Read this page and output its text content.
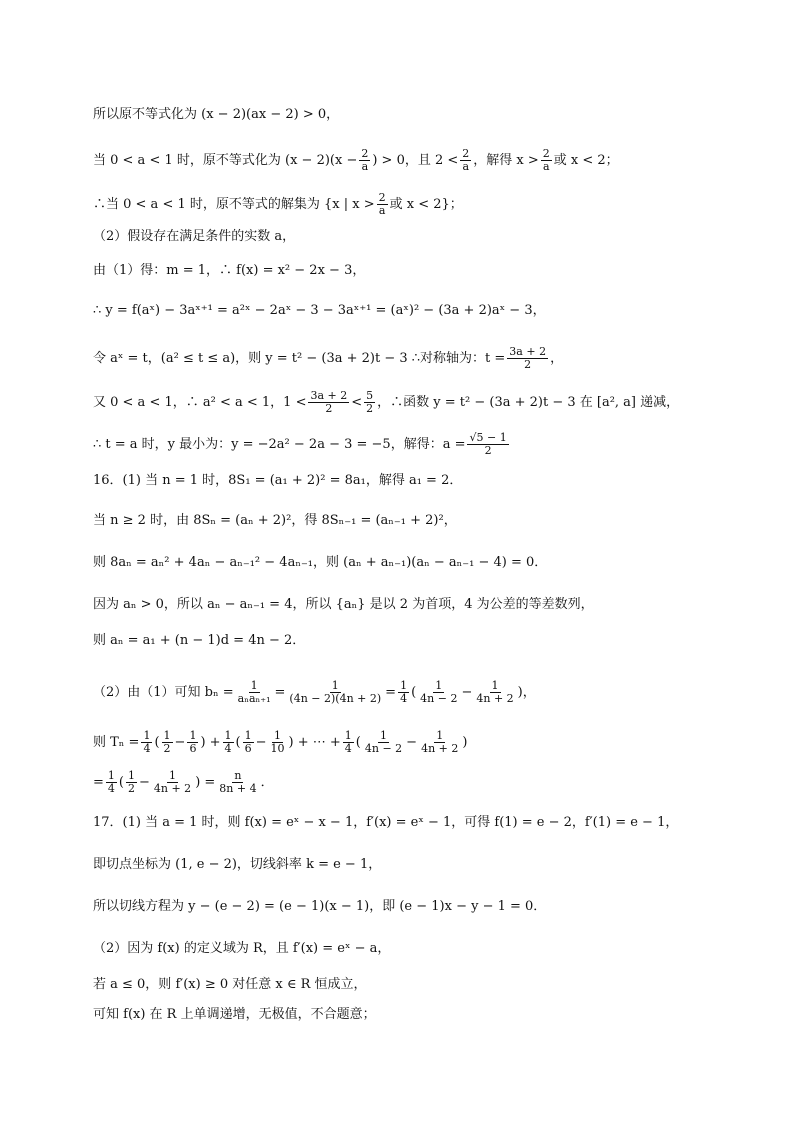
所以原不等式化为 (x − 2)(ax − 2) > 0，
当 0 < a < 1 时，原不等式化为 $(x - 2)(x - \frac{2}{a}$ ) > 0，且 $2 < \frac{2}{a}$ ，解得 $x > \frac{2}{a}$ 或 x < 2；
∴当 0 < a < 1 时，原不等式的解集为 {x | $x > \frac{2}{a}$ 或 x < 2}；
（2）假设存在满足条件的实数 a，
由（1）得：m = 1，∴ f(x) = x² − 2x − 3，
∴ y = f(aˣ) − 3aˣ⁺¹ = a²ˣ − 2aˣ − 3 − 3aˣ⁺¹ = (aˣ)² − (3a + 2)aˣ − 3，
令 aˣ = t，(a² ≤ t ≤ a)，则 y = t² − (3a + 2)t − 3 ∴对称轴为：$t = \frac{3a + 2}{2}$ ，
又 0 < a < 1，∴ a² < a < 1，$1 < \frac{3a + 2}{2} < \frac{5}{2}$ ，∴函数 y = t² − (3a + 2)t − 3 在 [a², a] 递减，
∴ t = a 时，y 最小为：y = −2a² − 2a − 3 = −5，解得：$a = \frac{√5 - 1}{2}$
16．(1) 当 n = 1 时，8S₁ = (a₁ + 2)² = 8a₁，解得 a₁ = 2．
当 n ≥ 2 时，由 8Sₙ = (aₙ + 2)²，得 8Sₙ₋₁ = (aₙ₋₁ + 2)²，
则 8aₙ = aₙ² + 4aₙ − aₙ₋₁² − 4aₙ₋₁，则 (aₙ + aₙ₋₁)(aₙ − aₙ₋₁ − 4) = 0．
因为 aₙ > 0，所以 aₙ − aₙ₋₁ = 4，所以 {aₙ} 是以 2 为首项，4 为公差的等差数列，
则 aₙ = a₁ + (n − 1)d = 4n − 2．
（2）由（1）可知 $b_n = \frac{1}{\text{aₙaₙ₊₁}} = \frac{1}{(4n - 2)(4n + 2)} = \frac{1}{4}$ ( $\frac{1}{4n - 2} - \frac{1}{4n + 2}$ )，
则 $T_n = \frac{1}{4}$ ( $\frac{1}{2} - \frac{1}{6}$ ) + $\frac{1}{4}$ ( $\frac{1}{6} - \frac{1}{10}$ ) + ⋯ + $\frac{1}{4}$ ( $\frac{1}{4n - 2} - \frac{1}{4n + 2}$ )
= $\frac{1}{4}$ ( $\frac{1}{2} - \frac{1}{4n + 2}$ ) = $\frac{n}{8n + 4}$ ．
17．(1) 当 a = 1 时，则 f(x) = eˣ − x − 1，f′(x) = eˣ − 1，可得 f(1) = e − 2，f′(1) = e − 1，
即切点坐标为 (1, e − 2)，切线斜率 k = e − 1，
所以切线方程为 y − (e − 2) = (e − 1)(x − 1)，即 (e − 1)x − y − 1 = 0．
（2）因为 f(x) 的定义域为 R，且 f′(x) = eˣ − a，
若 a ≤ 0，则 f′(x) ≥ 0 对任意 x ∈ R 恒成立，
可知 f(x) 在 R 上单调递增，无极值，不合题意；
